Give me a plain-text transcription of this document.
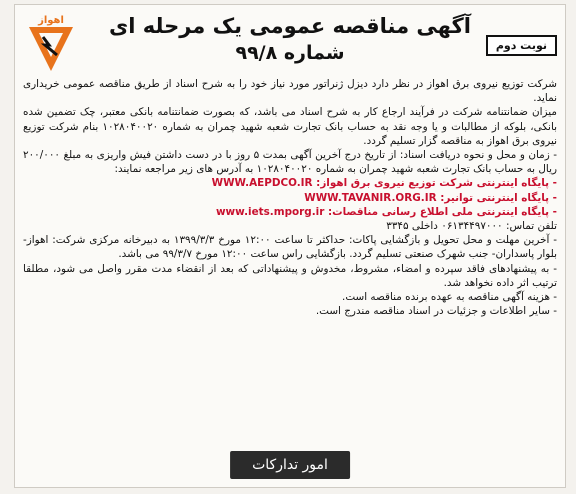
اهواز	آگهی مناقصه عمومی یک مرحله ای
شماره ۹۹/۸	نوبت دوم

شرکت توزیع نیروی برق اهواز در نظر دارد دیزل ژنراتور مورد نیاز خود را به شرح اسناد از طریق مناقصه عمومی خریداری نماید.

میزان ضمانتنامه شرکت در فرآیند ارجاع کار به شرح اسناد می باشد، که بصورت ضمانتنامه بانکی معتبر، چک تضمین شده بانکی، بلوکه از مطالبات و یا وجه نقد به حساب بانک تجارت شعبه شهید چمران به شماره ۱۰۲۸۰۴۰۰۲۰ بنام شرکت توزیع نیروی برق اهواز به مناقصه گزار تسلیم گردد.

- زمان و محل و نحوه دریافت اسناد: از تاریخ درج آخرین آگهی بمدت ۵ روز با در دست داشتن فیش واریزی به مبلغ ۲۰۰/۰۰۰ ریال به حساب بانک تجارت شعبه شهید چمران به شماره ۱۰۲۸۰۴۰۰۲۰ به آدرس های زیر مراجعه نمایند:

- پایگاه اینترنتی شرکت توزیع نیروی برق اهواز: WWW.AEPDCO.IR

- پایگاه اینترنتی توانیر: WWW.TAVANIR.ORG.IR

- پایگاه اینترنتی ملی اطلاع رسانی مناقصات: www.iets.mporg.ir

تلفن تماس: ۰۶۱۳۴۴۹۷۰۰۰ داخلی ۳۳۴۵

- آخرین مهلت و محل تحویل و بازگشایی پاکات: حداکثر تا ساعت ۱۲:۰۰ مورخ ۱۳۹۹/۳/۳ به دبیرخانه مرکزی شرکت: اهواز- بلوار پاسداران- جنب شهرک صنعتی تسلیم گردد. بازگشایی راس ساعت ۱۲:۰۰ مورخ ۹۹/۳/۷ می باشد.

- به پیشنهادهای فاقد سپرده و امضاء، مشروط، مخدوش و پیشنهاداتی که بعد از انقضاء مدت مقرر واصل می شود، مطلقا ترتیب اثر داده نخواهد شد.

- هزینه آگهی مناقصه به عهده برنده مناقصه است.

- سایر اطلاعات و جزئیات در اسناد مناقصه مندرج است.

امور تدارکات
